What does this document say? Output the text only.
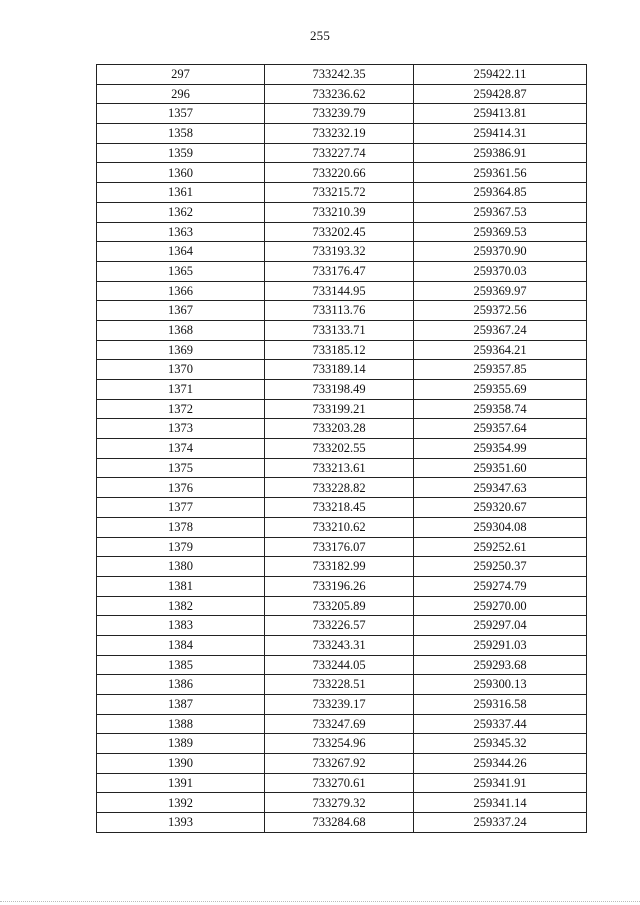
255
297	733242.35	259422.11
296	733236.62	259428.87
1357	733239.79	259413.81
1358	733232.19	259414.31
1359	733227.74	259386.91
1360	733220.66	259361.56
1361	733215.72	259364.85
1362	733210.39	259367.53
1363	733202.45	259369.53
1364	733193.32	259370.90
1365	733176.47	259370.03
1366	733144.95	259369.97
1367	733113.76	259372.56
1368	733133.71	259367.24
1369	733185.12	259364.21
1370	733189.14	259357.85
1371	733198.49	259355.69
1372	733199.21	259358.74
1373	733203.28	259357.64
1374	733202.55	259354.99
1375	733213.61	259351.60
1376	733228.82	259347.63
1377	733218.45	259320.67
1378	733210.62	259304.08
1379	733176.07	259252.61
1380	733182.99	259250.37
1381	733196.26	259274.79
1382	733205.89	259270.00
1383	733226.57	259297.04
1384	733243.31	259291.03
1385	733244.05	259293.68
1386	733228.51	259300.13
1387	733239.17	259316.58
1388	733247.69	259337.44
1389	733254.96	259345.32
1390	733267.92	259344.26
1391	733270.61	259341.91
1392	733279.32	259341.14
1393	733284.68	259337.24
